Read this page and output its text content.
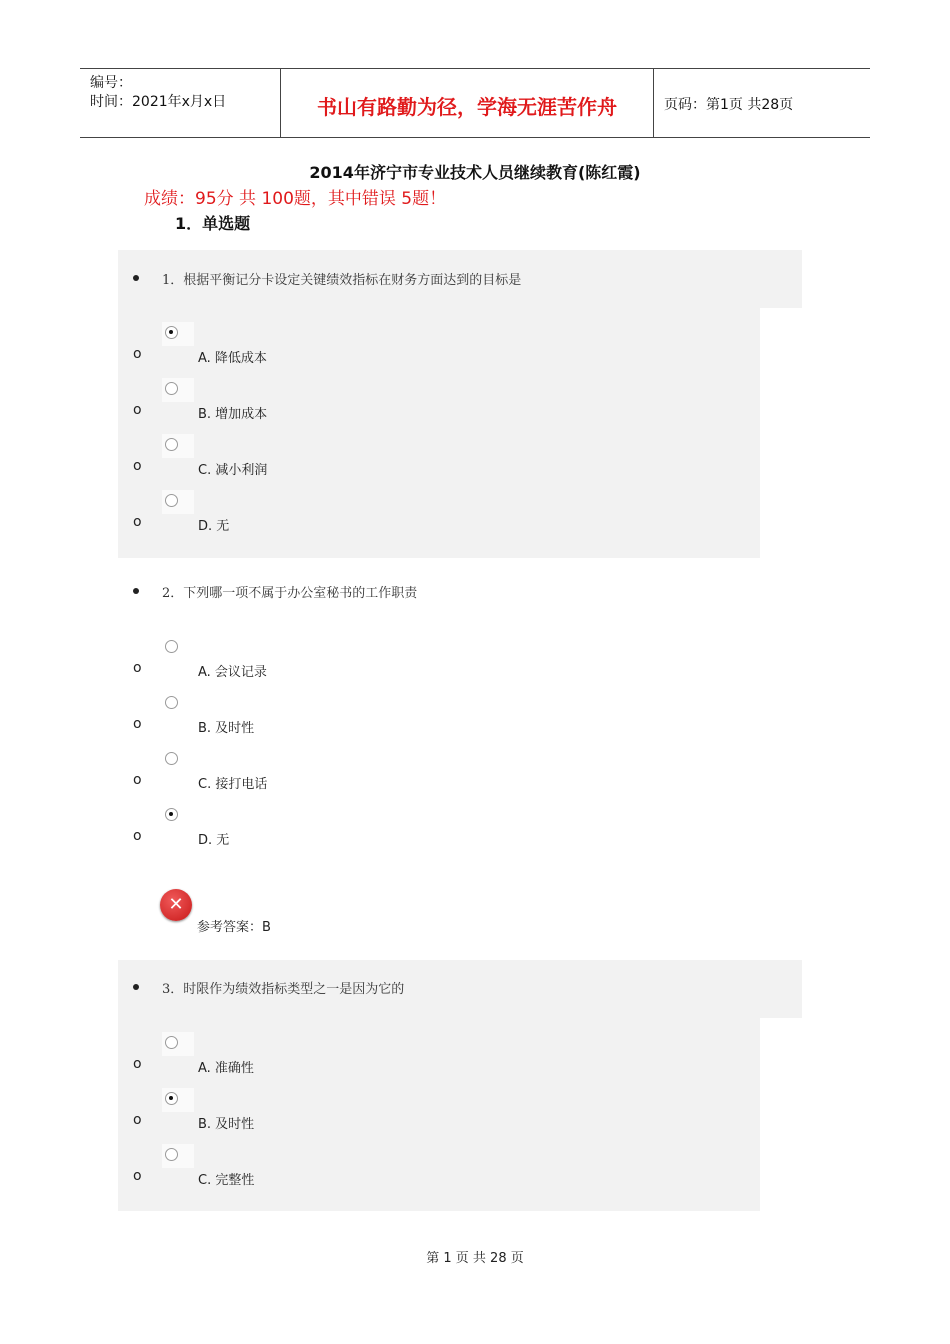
编号：
时间：2021年x月x日	书山有路勤为径，学海无涯苦作舟	页码：第1页 共28页
2014年济宁市专业技术人员继续教育(陈红霞)
成绩：95分 共 100题，其中错误 5题！
1．单选题
1．根据平衡记分卡设定关键绩效指标在财务方面达到的目标是
o	A. 降低成本
o	B. 增加成本
o	C. 减小利润
o	D. 无
2．下列哪一项不属于办公室秘书的工作职责
o	A. 会议记录
o	B. 及时性
o	C. 接打电话
o	D. 无
✕
参考答案：B
3．时限作为绩效指标类型之一是因为它的
o	A. 准确性
o	B. 及时性
o	C. 完整性
第 1 页 共 28 页
